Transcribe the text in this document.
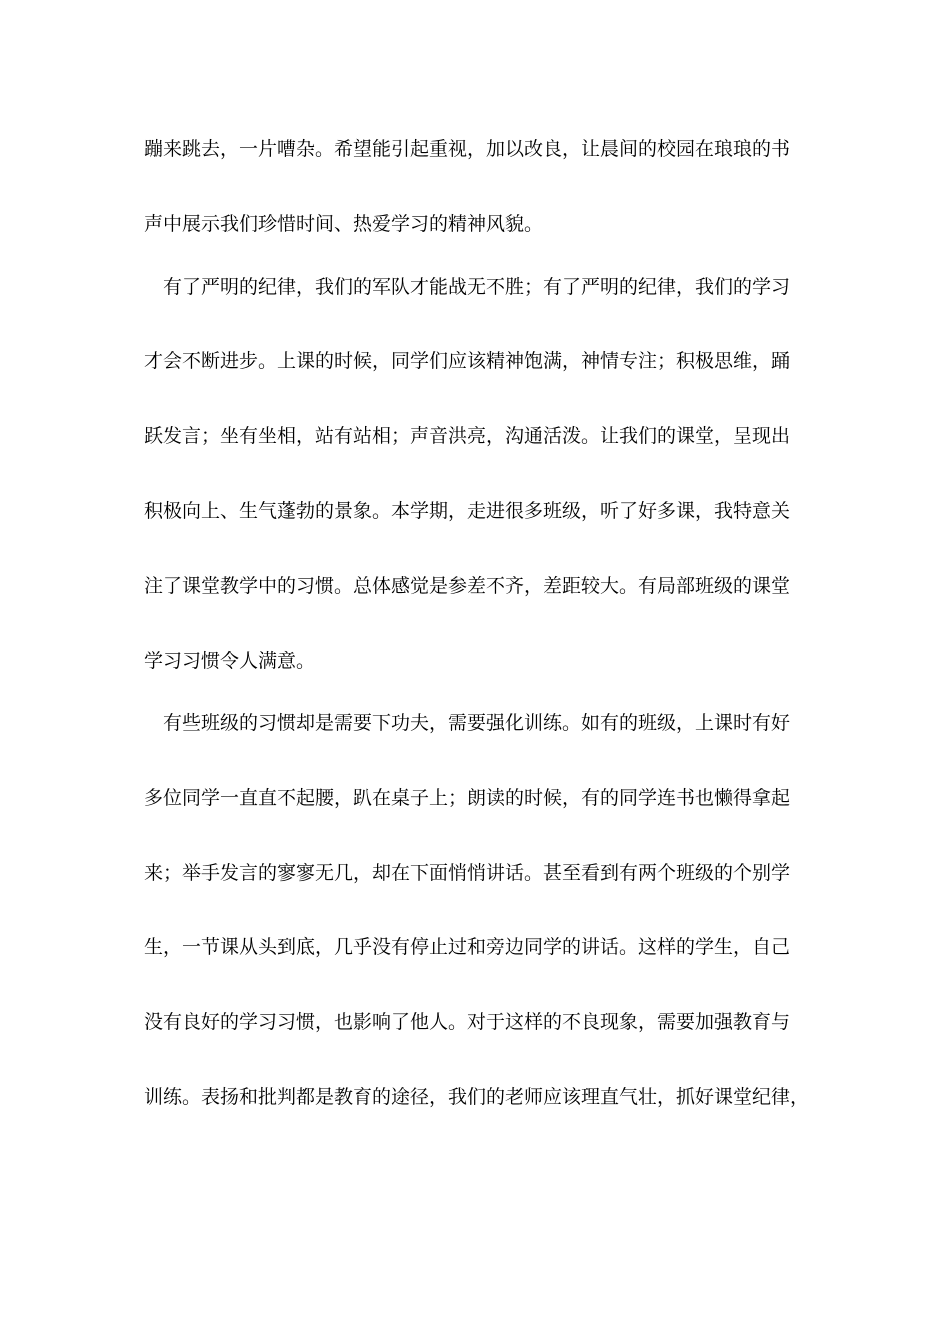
蹦来跳去，一片嘈杂。希望能引起重视，加以改良，让晨间的校园在琅琅的书
声中展示我们珍惜时间、热爱学习的精神风貌。
有了严明的纪律，我们的军队才能战无不胜；有了严明的纪律，我们的学习
才会不断进步。上课的时候，同学们应该精神饱满，神情专注；积极思维，踊
跃发言；坐有坐相，站有站相；声音洪亮，沟通活泼。让我们的课堂，呈现出
积极向上、生气蓬勃的景象。本学期，走进很多班级，听了好多课，我特意关
注了课堂教学中的习惯。总体感觉是参差不齐，差距较大。有局部班级的课堂
学习习惯令人满意。
有些班级的习惯却是需要下功夫，需要强化训练。如有的班级，上课时有好
多位同学一直直不起腰，趴在桌子上；朗读的时候，有的同学连书也懒得拿起
来；举手发言的寥寥无几，却在下面悄悄讲话。甚至看到有两个班级的个别学
生，一节课从头到底，几乎没有停止过和旁边同学的讲话。这样的学生，自己
没有良好的学习习惯，也影响了他人。对于这样的不良现象，需要加强教育与
训练。表扬和批判都是教育的途径，我们的老师应该理直气壮，抓好课堂纪律，
